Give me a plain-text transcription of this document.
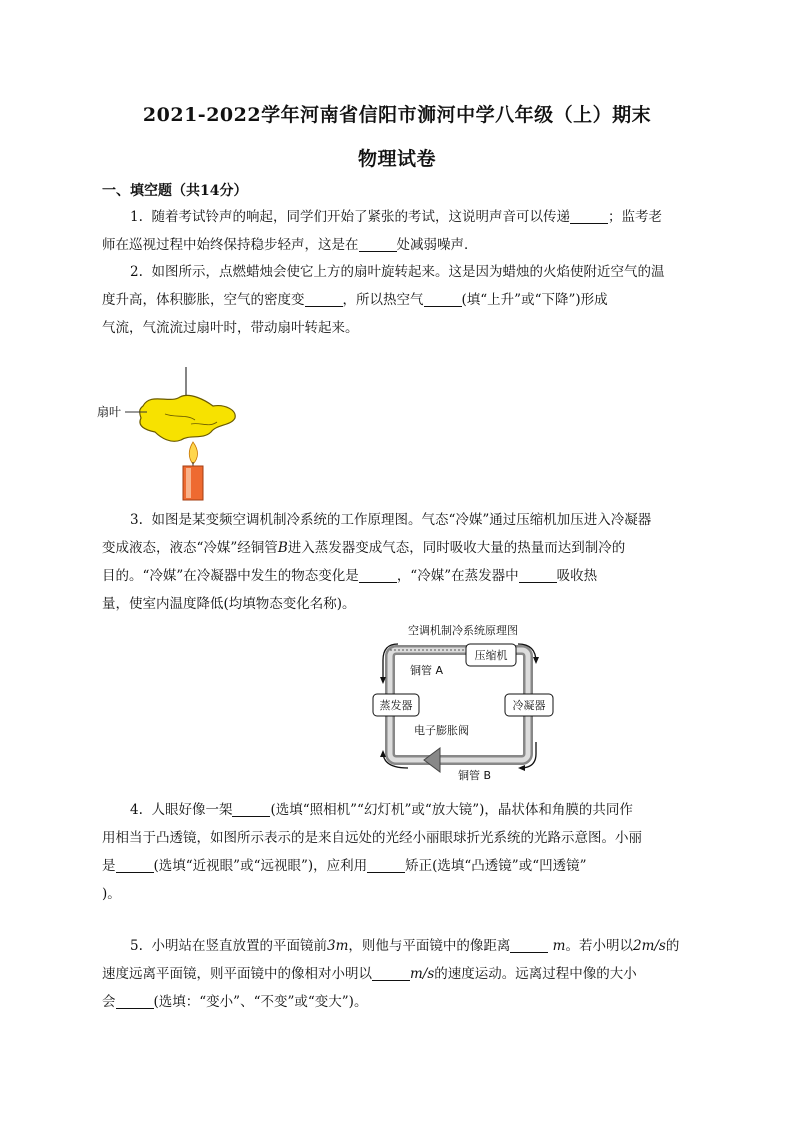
2021-2022学年河南省信阳市浉河中学八年级（上）期末
物理试卷
一、填空题（共14分）
1. 随着考试铃声的响起，同学们开始了紧张的考试，这说明声音可以传递	；监考老
师在巡视过程中始终保持稳步轻声，这是在	处减弱噪声．
2. 如图所示，点燃蜡烛会使它上方的扇叶旋转起来。这是因为蜡烛的火焰使附近空气的温
度升高，体积膨胀，空气的密度变	，所以热空气	(填“上升”或“下降”)形成
气流，气流流过扇叶时，带动扇叶转起来。
扇叶
3. 如图是某变频空调机制冷系统的工作原理图。气态“冷媒”通过压缩机加压进入冷凝器
变成液态，液态“冷媒”经铜管B进入蒸发器变成气态，同时吸收大量的热量而达到制冷的
目的。“冷媒”在冷凝器中发生的物态变化是	，“冷媒”在蒸发器中	吸收热
量，使室内温度降低(均填物态变化名称)。
空调机制冷系统原理图
压缩机
铜管 A
蒸发器	冷凝器
电子膨胀阀
铜管 B
4. 人眼好像一架	(选填“照相机”“幻灯机”或“放大镜”)，晶状体和角膜的共同作
用相当于凸透镜，如图所示表示的是来自远处的光经小丽眼球折光系统的光路示意图。小丽
是	(选填“近视眼”或“远视眼”)，应利用	矫正(选填“凸透镜”或“凹透镜”
)。
5. 小明站在竖直放置的平面镜前3m，则他与平面镜中的像距离	m。若小明以2m/s的
速度远离平面镜，则平面镜中的像相对小明以	m/s的速度运动。远离过程中像的大小
会	(选填：“变小”、“不变”或“变大”)。
